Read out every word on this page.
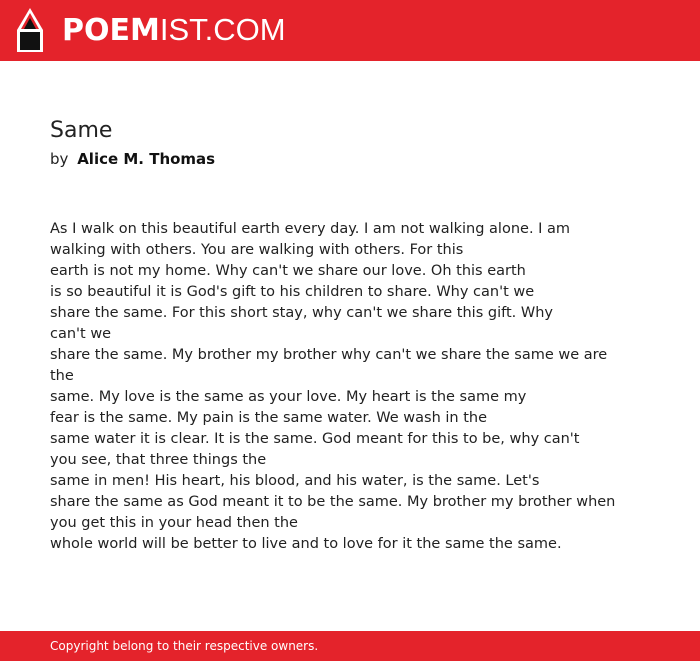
POEMIST.COM
Same
by Alice M. Thomas
As I walk on this beautiful earth every day. I am not walking alone. I am
walking with others. You are walking with others. For this
earth is not my home. Why can't we share our love. Oh this earth
is so beautiful it is God's gift to his children to share. Why can't we
share the same. For this short stay, why can't we share this gift. Why
can't we
share the same. My brother my brother why can't we share the same we are
the
same. My love is the same as your love. My heart is the same my
fear is the same. My pain is the same water. We wash in the
same water it is clear. It is the same. God meant for this to be, why can't
you see, that three things the
same in men! His heart, his blood, and his water, is the same. Let's
share the same as God meant it to be the same. My brother my brother when
you get this in your head then the
whole world will be better to live and to love for it the same the same.
Copyright belong to their respective owners.
